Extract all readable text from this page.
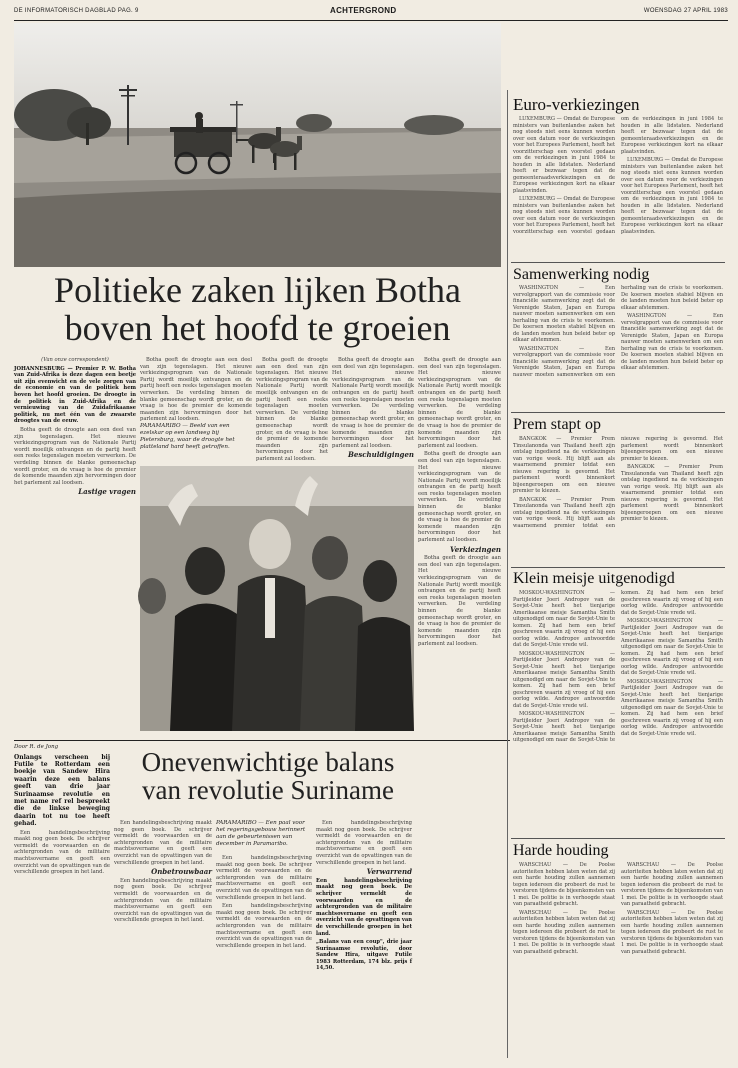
DE INFORMATORISCH DAGBLAD PAG. 9	ACHTERGROND	WOENSDAG 27 APRIL 1983
Politieke zaken lijken Botha
boven het hoofd te groeien

(Van onze correspondent)

JOHANNESBURG — Premier P. W. Botha van Zuid-Afrika is deze dagen een beetje uit zijn evenwicht en de vele zorgen van de economie en van de politiek hem boven het hoofd groeien. De droogte in de politiek in Zuid-Afrika en de vernieuwing van de Zuidafrikaanse politiek, nu met één van de zwaarste droogtes van de eeuw.

Botha geeft de droogte aan een deel van zijn tegenslagen. Het nieuwe verkiezingsprogram van de Nationale Partij wordt moeilijk ontvangen en de partij heeft een reeks tegenslagen moeten verwerken. De verdeling binnen de blanke gemeenschap wordt groter, en de vraag is hoe de premier de komende maanden zijn hervormingen door het parlement zal loodsen.

Lastige vragen

Botha geeft de droogte aan een deel van zijn tegenslagen. Het nieuwe verkiezingsprogram van de Nationale Partij wordt moeilijk ontvangen en de partij heeft een reeks tegenslagen moeten verwerken. De verdeling binnen de blanke gemeenschap wordt groter, en de vraag is hoe de premier de komende maanden zijn hervormingen door het parlement zal loodsen.

PARAMARIBO — Beeld van een ezelskar op een landweg bij Pietersburg, waar de droogte het platteland hard heeft getroffen.

Botha geeft de droogte aan een deel van zijn tegenslagen. Het nieuwe verkiezingsprogram van de Nationale Partij wordt moeilijk ontvangen en de partij heeft een reeks tegenslagen moeten verwerken. De verdeling binnen de blanke gemeenschap wordt groter, en de vraag is hoe de premier de komende maanden zijn hervormingen door het parlement zal loodsen.

Botha geeft de droogte aan een deel van zijn tegenslagen. Het nieuwe verkiezingsprogram van de Nationale Partij wordt moeilijk ontvangen en de partij heeft een reeks tegenslagen moeten verwerken. De verdeling binnen de blanke gemeenschap wordt groter, en de vraag is hoe de premier de komende maanden zijn hervormingen door het parlement zal loodsen.

Beschuldigingen

Botha geeft de droogte aan een deel van zijn tegenslagen. Het nieuwe verkiezingsprogram van de Nationale Partij wordt moeilijk ontvangen en de partij heeft een reeks tegenslagen moeten verwerken. De verdeling binnen de blanke gemeenschap wordt groter, en de vraag is hoe de premier de komende maanden zijn hervormingen door het parlement zal loodsen.

Botha geeft de droogte aan een deel van zijn tegenslagen. Het nieuwe verkiezingsprogram van de Nationale Partij wordt moeilijk ontvangen en de partij heeft een reeks tegenslagen moeten verwerken. De verdeling binnen de blanke gemeenschap wordt groter, en de vraag is hoe de premier de komende maanden zijn hervormingen door het parlement zal loodsen.

Verkiezingen

Botha geeft de droogte aan een deel van zijn tegenslagen. Het nieuwe verkiezingsprogram van de Nationale Partij wordt moeilijk ontvangen en de partij heeft een reeks tegenslagen moeten verwerken. De verdeling binnen de blanke gemeenschap wordt groter, en de vraag is hoe de premier de komende maanden zijn hervormingen door het parlement zal loodsen.

Door R. de Jong

Onlangs verscheen bij Futile te Rotterdam een boekje van Sandew Hira waarin deze een balans geeft van drie jaar Surinaamse revolutie en met name ref rel bespreekt die de linkse beweging daarin tot nu toe heeft gehad.

Een handelingsbeschrijving maakt nog geen boek. De schrijver vermeldt de voorwaarden en de achtergronden van de militaire machtsovername en geeft een overzicht van de opvattingen van de verschillende groepen in het land.

Onevenwichtige balans
van revolutie Suriname

Een handelingsbeschrijving maakt nog geen boek. De schrijver vermeldt de voorwaarden en de achtergronden van de militaire machtsovername en geeft een overzicht van de opvattingen van de verschillende groepen in het land.

Onbetrouwbaar

Een handelingsbeschrijving maakt nog geen boek. De schrijver vermeldt de voorwaarden en de achtergronden van de militaire machtsovername en geeft een overzicht van de opvattingen van de verschillende groepen in het land.

PARAMARIBO — Een paal voor het regeringsgebouw herinnert aan de gebeurtenissen van december in Paramaribo.

Een handelingsbeschrijving maakt nog geen boek. De schrijver vermeldt de voorwaarden en de achtergronden van de militaire machtsovername en geeft een overzicht van de opvattingen van de verschillende groepen in het land.

Een handelingsbeschrijving maakt nog geen boek. De schrijver vermeldt de voorwaarden en de achtergronden van de militaire machtsovername en geeft een overzicht van de opvattingen van de verschillende groepen in het land.

Een handelingsbeschrijving maakt nog geen boek. De schrijver vermeldt de voorwaarden en de achtergronden van de militaire machtsovername en geeft een overzicht van de opvattingen van de verschillende groepen in het land.

Verwarrend

Een handelingsbeschrijving maakt nog geen boek. De schrijver vermeldt de voorwaarden en de achtergronden van de militaire machtsovername en geeft een overzicht van de opvattingen van de verschillende groepen in het land.

„Balans van een coup", drie jaar Surinaamse revolutie, door Sandew Hira, uitgave Futile 1983 Rotterdam, 174 blz. prijs f 14,50.

Euro-verkiezingen

LUXEMBURG — Omdat de Europese ministers van buitenlandse zaken het nog steeds niet eens kunnen worden over een datum voor de verkiezingen voor het Europees Parlement, heeft het voorzitterschap een voorstel gedaan om de verkiezingen in juni 1984 te houden in alle lidstaten. Nederland heeft er bezwaar tegen dat de gemeenteraadsverkiezingen en de Europese verkiezingen kort na elkaar plaatsvinden.

LUXEMBURG — Omdat de Europese ministers van buitenlandse zaken het nog steeds niet eens kunnen worden over een datum voor de verkiezingen voor het Europees Parlement, heeft het voorzitterschap een voorstel gedaan om de verkiezingen in juni 1984 te houden in alle lidstaten. Nederland heeft er bezwaar tegen dat de gemeenteraadsverkiezingen en de Europese verkiezingen kort na elkaar plaatsvinden.

LUXEMBURG — Omdat de Europese ministers van buitenlandse zaken het nog steeds niet eens kunnen worden over een datum voor de verkiezingen voor het Europees Parlement, heeft het voorzitterschap een voorstel gedaan om de verkiezingen in juni 1984 te houden in alle lidstaten. Nederland heeft er bezwaar tegen dat de gemeenteraadsverkiezingen en de Europese verkiezingen kort na elkaar plaatsvinden.

Samenwerking nodig

WASHINGTON — Een vervolgrapport van de commissie voor financiële samenwerking zegt dat de Verenigde Staten, Japan en Europa nauwer moeten samenwerken om een herhaling van de crisis te voorkomen. De koersen moeten stabiel blijven en de landen moeten hun beleid beter op elkaar afstemmen.

WASHINGTON — Een vervolgrapport van de commissie voor financiële samenwerking zegt dat de Verenigde Staten, Japan en Europa nauwer moeten samenwerken om een herhaling van de crisis te voorkomen. De koersen moeten stabiel blijven en de landen moeten hun beleid beter op elkaar afstemmen.

WASHINGTON — Een vervolgrapport van de commissie voor financiële samenwerking zegt dat de Verenigde Staten, Japan en Europa nauwer moeten samenwerken om een herhaling van de crisis te voorkomen. De koersen moeten stabiel blijven en de landen moeten hun beleid beter op elkaar afstemmen.

Prem stapt op

BANGKOK — Premier Prem Tinsulanonda van Thailand heeft zijn ontslag ingediend na de verkiezingen van vorige week. Hij blijft aan als waarnemend premier totdat een nieuwe regering is gevormd. Het parlement wordt binnenkort bijeengeroepen om een nieuwe premier te kiezen.

BANGKOK — Premier Prem Tinsulanonda van Thailand heeft zijn ontslag ingediend na de verkiezingen van vorige week. Hij blijft aan als waarnemend premier totdat een nieuwe regering is gevormd. Het parlement wordt binnenkort bijeengeroepen om een nieuwe premier te kiezen.

BANGKOK — Premier Prem Tinsulanonda van Thailand heeft zijn ontslag ingediend na de verkiezingen van vorige week. Hij blijft aan als waarnemend premier totdat een nieuwe regering is gevormd. Het parlement wordt binnenkort bijeengeroepen om een nieuwe premier te kiezen.

Klein meisje uitgenodigd

MOSKOU-WASHINGTON — Partijleider Joeri Andropov van de Sovjet-Unie heeft het tienjarige Amerikaanse meisje Samantha Smith uitgenodigd om naar de Sovjet-Unie te komen. Zij had hem een brief geschreven waarin zij vroeg of hij een oorlog wilde. Andropov antwoordde dat de Sovjet-Unie vrede wil.

MOSKOU-WASHINGTON — Partijleider Joeri Andropov van de Sovjet-Unie heeft het tienjarige Amerikaanse meisje Samantha Smith uitgenodigd om naar de Sovjet-Unie te komen. Zij had hem een brief geschreven waarin zij vroeg of hij een oorlog wilde. Andropov antwoordde dat de Sovjet-Unie vrede wil.

MOSKOU-WASHINGTON — Partijleider Joeri Andropov van de Sovjet-Unie heeft het tienjarige Amerikaanse meisje Samantha Smith uitgenodigd om naar de Sovjet-Unie te komen. Zij had hem een brief geschreven waarin zij vroeg of hij een oorlog wilde. Andropov antwoordde dat de Sovjet-Unie vrede wil.

MOSKOU-WASHINGTON — Partijleider Joeri Andropov van de Sovjet-Unie heeft het tienjarige Amerikaanse meisje Samantha Smith uitgenodigd om naar de Sovjet-Unie te komen. Zij had hem een brief geschreven waarin zij vroeg of hij een oorlog wilde. Andropov antwoordde dat de Sovjet-Unie vrede wil.

MOSKOU-WASHINGTON — Partijleider Joeri Andropov van de Sovjet-Unie heeft het tienjarige Amerikaanse meisje Samantha Smith uitgenodigd om naar de Sovjet-Unie te komen. Zij had hem een brief geschreven waarin zij vroeg of hij een oorlog wilde. Andropov antwoordde dat de Sovjet-Unie vrede wil.

Harde houding

WARSCHAU — De Poolse autoriteiten hebben laten weten dat zij een harde houding zullen aannemen tegen iedereen die probeert de rust te verstoren tijdens de bijeenkomsten van 1 mei. De politie is in verhoogde staat van paraatheid gebracht.

WARSCHAU — De Poolse autoriteiten hebben laten weten dat zij een harde houding zullen aannemen tegen iedereen die probeert de rust te verstoren tijdens de bijeenkomsten van 1 mei. De politie is in verhoogde staat van paraatheid gebracht.

WARSCHAU — De Poolse autoriteiten hebben laten weten dat zij een harde houding zullen aannemen tegen iedereen die probeert de rust te verstoren tijdens de bijeenkomsten van 1 mei. De politie is in verhoogde staat van paraatheid gebracht.

WARSCHAU — De Poolse autoriteiten hebben laten weten dat zij een harde houding zullen aannemen tegen iedereen die probeert de rust te verstoren tijdens de bijeenkomsten van 1 mei. De politie is in verhoogde staat van paraatheid gebracht.
